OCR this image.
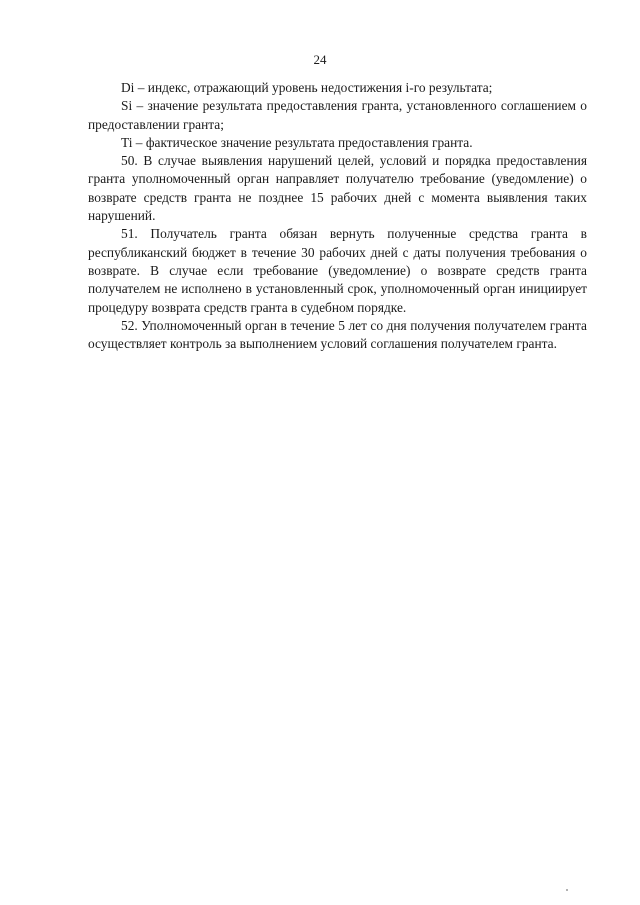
24

Di – индекс, отражающий уровень недостижения i-го результата;

Si – значение результата предоставления гранта, установленного соглашением о предоставлении гранта;

Ti – фактическое значение результата предоставления гранта.

50. В случае выявления нарушений целей, условий и порядка предоставления гранта уполномоченный орган направляет получателю требование (уведомление) о возврате средств гранта не позднее 15 рабочих дней с момента выявления таких нарушений.

51. Получатель гранта обязан вернуть полученные средства гранта в республиканский бюджет в течение 30 рабочих дней с даты получения требования о возврате. В случае если требование (уведомление) о возврате средств гранта получателем не исполнено в установленный срок, уполномоченный орган инициирует процедуру возврата средств гранта в судебном порядке.

52. Уполномоченный орган в течение 5 лет со дня получения получателем гранта осуществляет контроль за выполнением условий соглашения получателем гранта.
